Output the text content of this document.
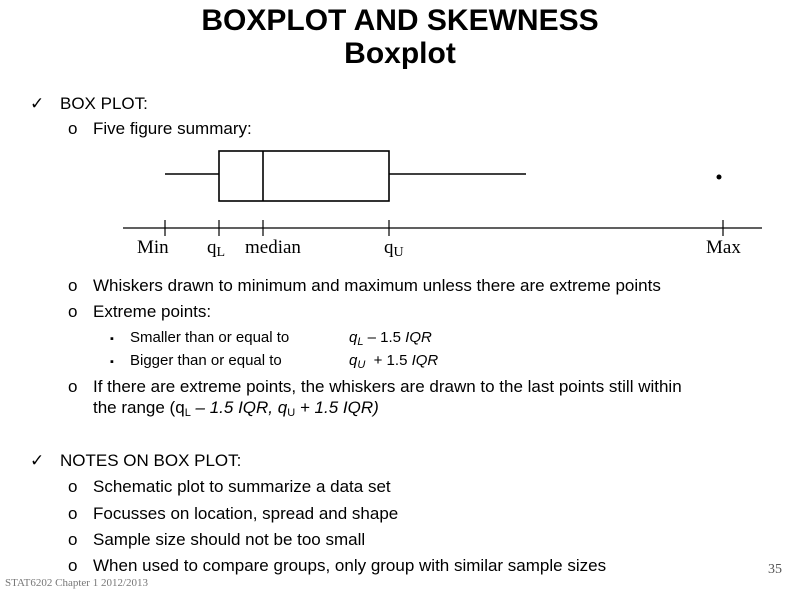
BOXPLOT AND SKEWNESS
Boxplot
✓ BOX PLOT:
o Five figure summary:
Min qL median	qU	Max
o Whiskers drawn to minimum and maximum unless there are extreme points
o Extreme points:
▪ Smaller than or equal to	$q_L - 1.5$ IQR
▪ Bigger than or equal to	$q_U + 1.5$ IQR
o If there are extreme points, the whiskers are drawn to the last points still within
the range (qL – 1.5 IQR, qU + 1.5 IQR)
✓ NOTES ON BOX PLOT:
o Schematic plot to summarize a data set
o Focusses on location, spread and shape
o Sample size should not be too small
o When used to compare groups, only group with similar sample sizes
STAT6202 Chapter 1 2012/2013
35
